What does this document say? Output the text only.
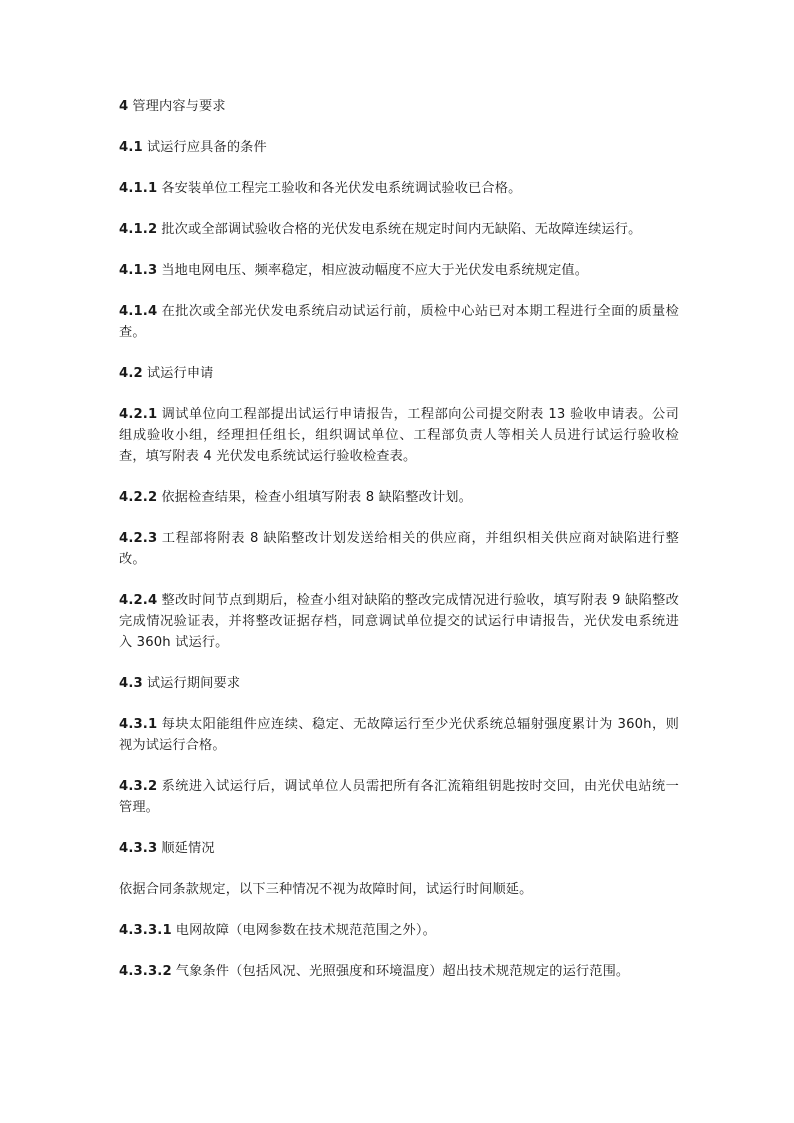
4 管理内容与要求

4.1 试运行应具备的条件

4.1.1 各安装单位工程完工验收和各光伏发电系统调试验收已合格。

4.1.2 批次或全部调试验收合格的光伏发电系统在规定时间内无缺陷、无故障连续运行。

4.1.3 当地电网电压、频率稳定，相应波动幅度不应大于光伏发电系统规定值。

4.1.4 在批次或全部光伏发电系统启动试运行前，质检中心站已对本期工程进行全面的质量检查。

4.2 试运行申请

4.2.1 调试单位向工程部提出试运行申请报告，工程部向公司提交附表 13 验收申请表。公司组成验收小组，经理担任组长，组织调试单位、工程部负责人等相关人员进行试运行验收检查，填写附表 4 光伏发电系统试运行验收检查表。

4.2.2 依据检查结果，检查小组填写附表 8 缺陷整改计划。

4.2.3 工程部将附表 8 缺陷整改计划发送给相关的供应商，并组织相关供应商对缺陷进行整改。

4.2.4 整改时间节点到期后，检查小组对缺陷的整改完成情况进行验收，填写附表 9 缺陷整改完成情况验证表，并将整改证据存档，同意调试单位提交的试运行申请报告，光伏发电系统进入 360h 试运行。

4.3 试运行期间要求

4.3.1 每块太阳能组件应连续、稳定、无故障运行至少光伏系统总辐射强度累计为 360h，则视为试运行合格。

4.3.2 系统进入试运行后，调试单位人员需把所有各汇流箱组钥匙按时交回，由光伏电站统一管理。

4.3.3 顺延情况

依据合同条款规定，以下三种情况不视为故障时间，试运行时间顺延。

4.3.3.1 电网故障（电网参数在技术规范范围之外）。

4.3.3.2 气象条件（包括风况、光照强度和环境温度）超出技术规范规定的运行范围。
